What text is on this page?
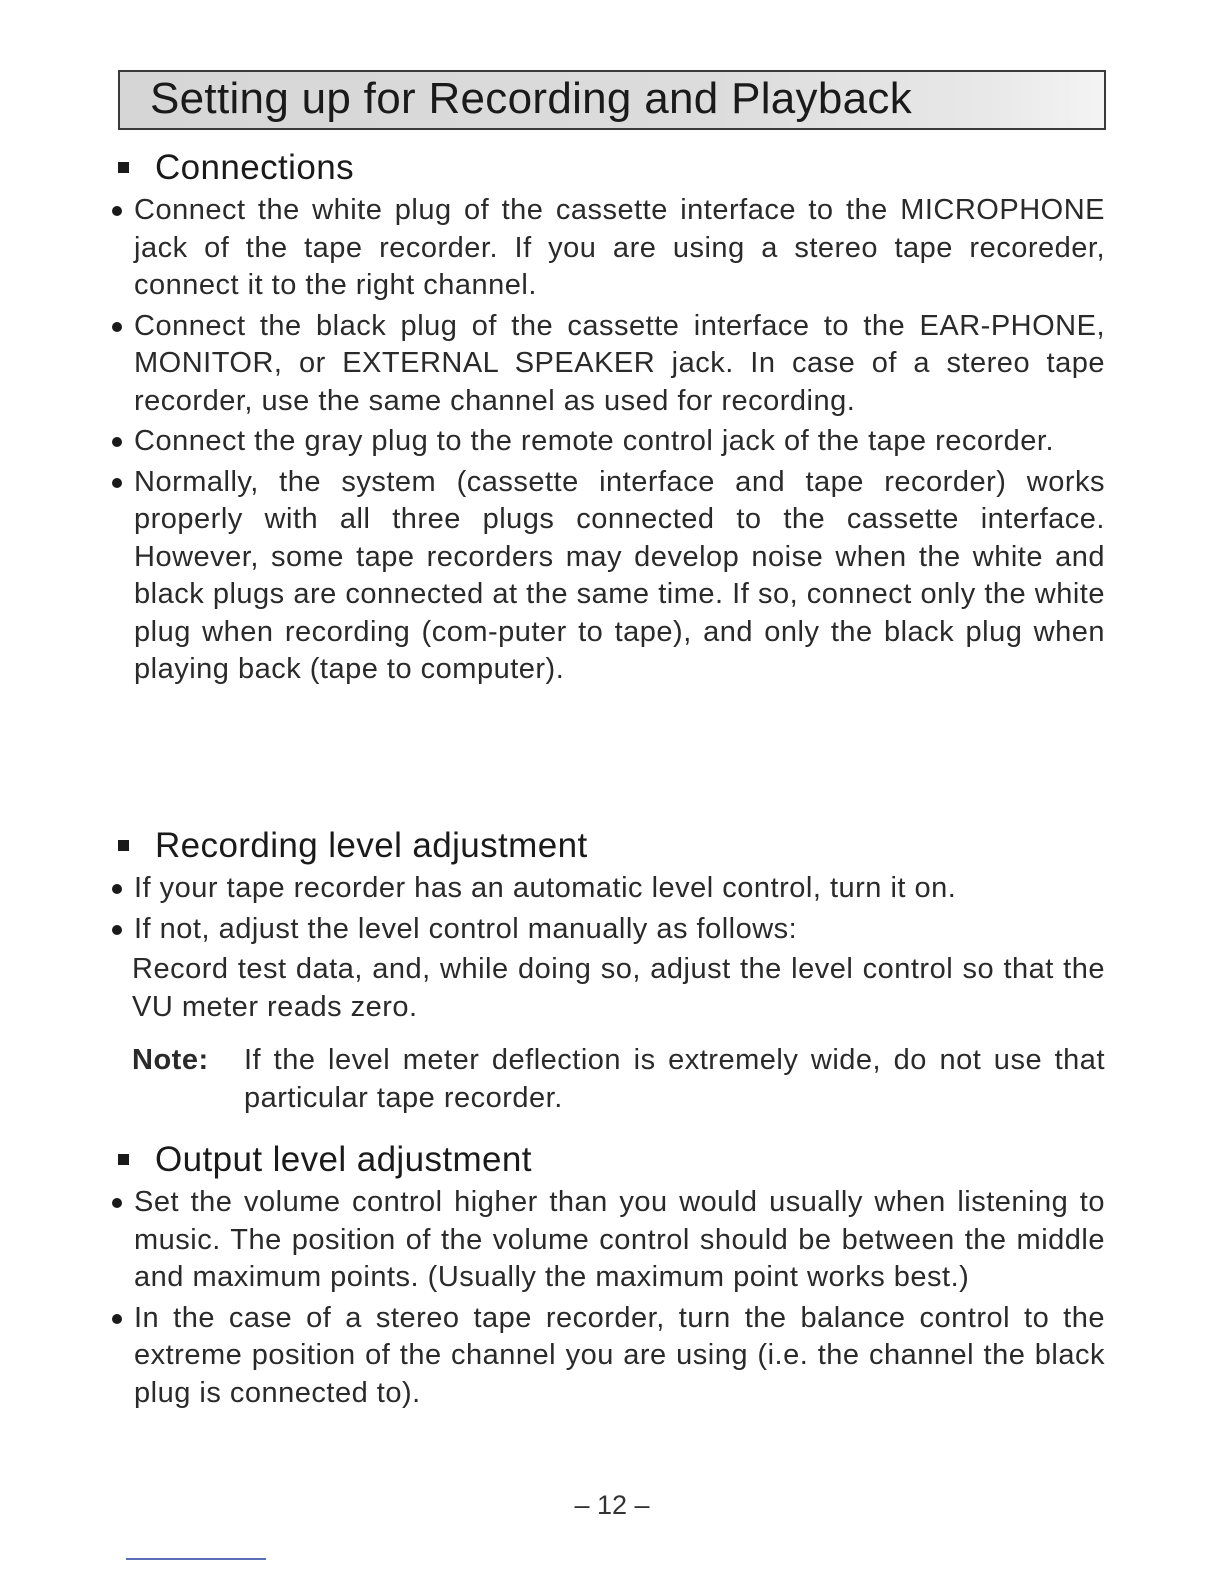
Setting up for Recording and Playback
Connections
Connect the white plug of the cassette interface to the MICROPHONE jack of the tape recorder. If you are using a stereo tape recoreder, connect it to the right channel.
Connect the black plug of the cassette interface to the EAR-PHONE, MONITOR, or EXTERNAL SPEAKER jack. In case of a stereo tape recorder, use the same channel as used for recording.
Connect the gray plug to the remote control jack of the tape recorder.
Normally, the system (cassette interface and tape recorder) works properly with all three plugs connected to the cassette interface. However, some tape recorders may develop noise when the white and black plugs are connected at the same time. If so, connect only the white plug when recording (com-puter to tape), and only the black plug when playing back (tape to computer).
Recording level adjustment
If your tape recorder has an automatic level control, turn it on.
If not, adjust the level control manually as follows:
Record test data, and, while doing so, adjust the level control so that the VU meter reads zero.
Note: If the level meter deflection is extremely wide, do not use that particular tape recorder.
Output level adjustment
Set the volume control higher than you would usually when listening to music. The position of the volume control should be between the middle and maximum points. (Usually the maximum point works best.)
In the case of a stereo tape recorder, turn the balance control to the extreme position of the channel you are using (i.e. the channel the black plug is connected to).
– 12 –
